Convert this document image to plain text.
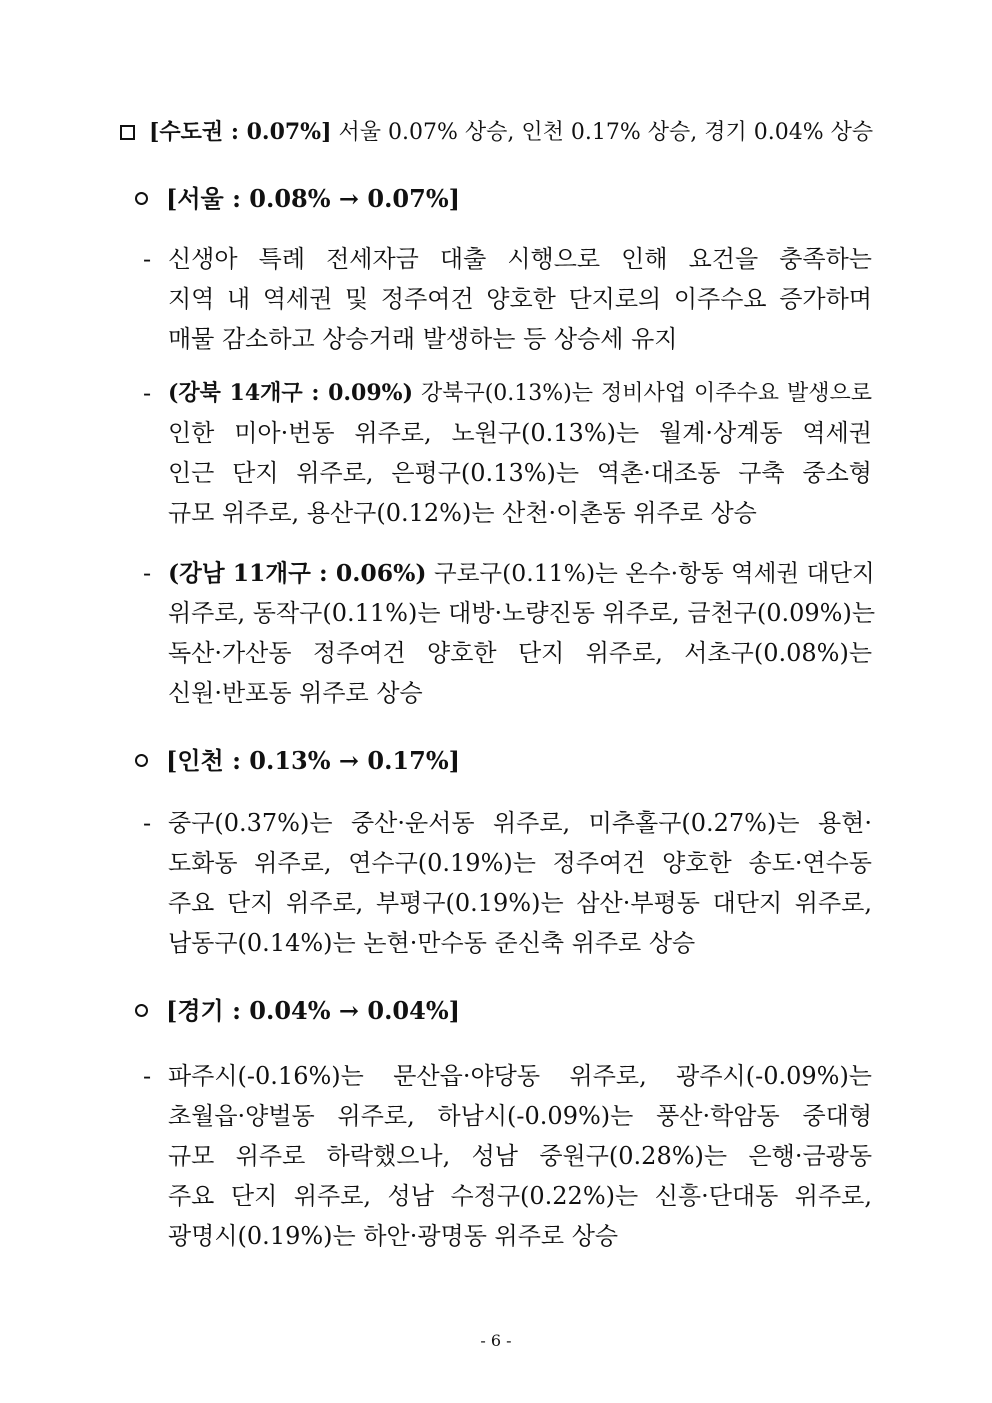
[수도권 : 0.07%] 서울 0.07% 상승, 인천 0.17% 상승, 경기 0.04% 상승
[서울 : 0.08% → 0.07%]
- 신생아 특례 전세자금 대출 시행으로 인해 요건을 충족하는
지역 내 역세권 및 정주여건 양호한 단지로의 이주수요 증가하며
매물 감소하고 상승거래 발생하는 등 상승세 유지
- (강북 14개구 : 0.09%) 강북구(0.13%)는 정비사업 이주수요 발생으로
인한 미아·번동 위주로, 노원구(0.13%)는 월계·상계동 역세권
인근 단지 위주로, 은평구(0.13%)는 역촌·대조동 구축 중소형
규모 위주로, 용산구(0.12%)는 산천·이촌동 위주로 상승
- (강남 11개구 : 0.06%) 구로구(0.11%)는 온수·항동 역세권 대단지
위주로, 동작구(0.11%)는 대방·노량진동 위주로, 금천구(0.09%)는
독산·가산동 정주여건 양호한 단지 위주로, 서초구(0.08%)는
신원·반포동 위주로 상승
[인천 : 0.13% → 0.17%]
- 중구(0.37%)는 중산·운서동 위주로, 미추홀구(0.27%)는 용현·
도화동 위주로, 연수구(0.19%)는 정주여건 양호한 송도·연수동
주요 단지 위주로, 부평구(0.19%)는 삼산·부평동 대단지 위주로,
남동구(0.14%)는 논현·만수동 준신축 위주로 상승
[경기 : 0.04% → 0.04%]
- 파주시(-0.16%)는 문산읍·야당동 위주로, 광주시(-0.09%)는
초월읍·양벌동 위주로, 하남시(-0.09%)는 풍산·학암동 중대형
규모 위주로 하락했으나, 성남 중원구(0.28%)는 은행·금광동
주요 단지 위주로, 성남 수정구(0.22%)는 신흥·단대동 위주로,
광명시(0.19%)는 하안·광명동 위주로 상승
- 6 -
